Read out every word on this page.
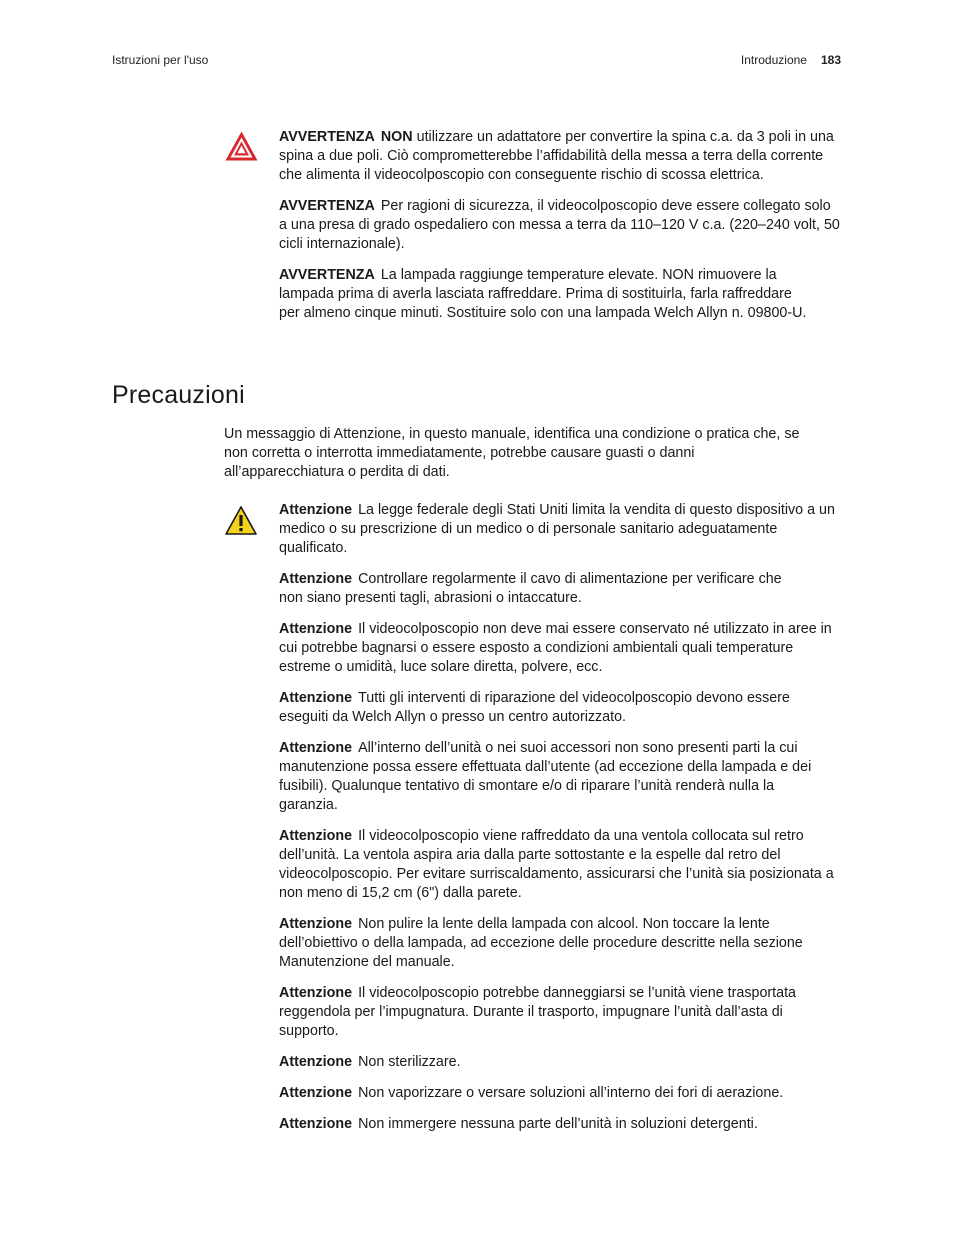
Istruzioni per l'uso	Introduzione 183

AVVERTENZA NON utilizzare un adattatore per convertire la spina c.a. da 3 poli in una spina a due poli. Ciò comprometterebbe l’affidabilità della messa a terra della corrente che alimenta il videocolposcopio con conseguente rischio di scossa elettrica.

AVVERTENZA Per ragioni di sicurezza, il videocolposcopio deve essere collegato solo a una presa di grado ospedaliero con messa a terra da 110–120 V c.a. (220–240 volt, 50 cicli internazionale).

AVVERTENZA La lampada raggiunge temperature elevate. NON rimuovere la lampada prima di averla lasciata raffreddare. Prima di sostituirla, farla raffreddare per almeno cinque minuti. Sostituire solo con una lampada Welch Allyn n. 09800-U.

Precauzioni

Un messaggio di Attenzione, in questo manuale, identifica una condizione o pratica che, se non corretta o interrotta immediatamente, potrebbe causare guasti o danni all’apparecchiatura o perdita di dati.

Attenzione La legge federale degli Stati Uniti limita la vendita di questo dispositivo a un medico o su prescrizione di un medico o di personale sanitario adeguatamente qualificato.

Attenzione Controllare regolarmente il cavo di alimentazione per verificare che non siano presenti tagli, abrasioni o intaccature.

Attenzione Il videocolposcopio non deve mai essere conservato né utilizzato in aree in cui potrebbe bagnarsi o essere esposto a condizioni ambientali quali temperature estreme o umidità, luce solare diretta, polvere, ecc.

Attenzione Tutti gli interventi di riparazione del videocolposcopio devono essere eseguiti da Welch Allyn o presso un centro autorizzato.

Attenzione All’interno dell’unità o nei suoi accessori non sono presenti parti la cui manutenzione possa essere effettuata dall’utente (ad eccezione della lampada e dei fusibili). Qualunque tentativo di smontare e/o di riparare l’unità renderà nulla la garanzia.

Attenzione Il videocolposcopio viene raffreddato da una ventola collocata sul retro dell’unità. La ventola aspira aria dalla parte sottostante e la espelle dal retro del videocolposcopio. Per evitare surriscaldamento, assicurarsi che l’unità sia posizionata a non meno di 15,2 cm (6") dalla parete.

Attenzione Non pulire la lente della lampada con alcool. Non toccare la lente dell’obiettivo o della lampada, ad eccezione delle procedure descritte nella sezione Manutenzione del manuale.

Attenzione Il videocolposcopio potrebbe danneggiarsi se l’unità viene trasportata reggendola per l’impugnatura. Durante il trasporto, impugnare l’unità dall’asta di supporto.

Attenzione Non sterilizzare.

Attenzione Non vaporizzare o versare soluzioni all’interno dei fori di aerazione.

Attenzione Non immergere nessuna parte dell’unità in soluzioni detergenti.
